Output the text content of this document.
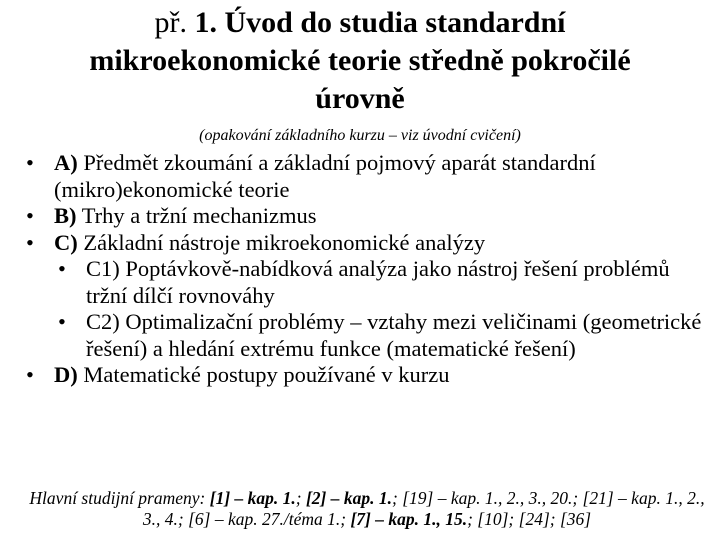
př. 1. Úvod do studia standardní mikroekonomické teorie středně pokročilé úrovně
(opakování základního kurzu – viz úvodní cvičení)
• A) Předmět zkoumání a základní pojmový aparát standardní (mikro)ekonomické teorie
• B) Trhy a tržní mechanizmus
• C) Základní nástroje mikroekonomické analýzy
• C1) Poptávkově-nabídková analýza jako nástroj řešení problémů tržní dílčí rovnováhy
• C2) Optimalizační problémy – vztahy mezi veličinami (geometrické řešení) a hledání extrému funkce (matematické řešení)
• D) Matematické postupy používané v kurzu
Hlavní studijní prameny: [1] – kap. 1.; [2] – kap. 1.; [19] – kap. 1., 2., 3., 20.; [21] – kap. 1., 2., 3., 4.; [6] – kap. 27./téma 1.; [7] – kap. 1., 15.; [10]; [24]; [36]
